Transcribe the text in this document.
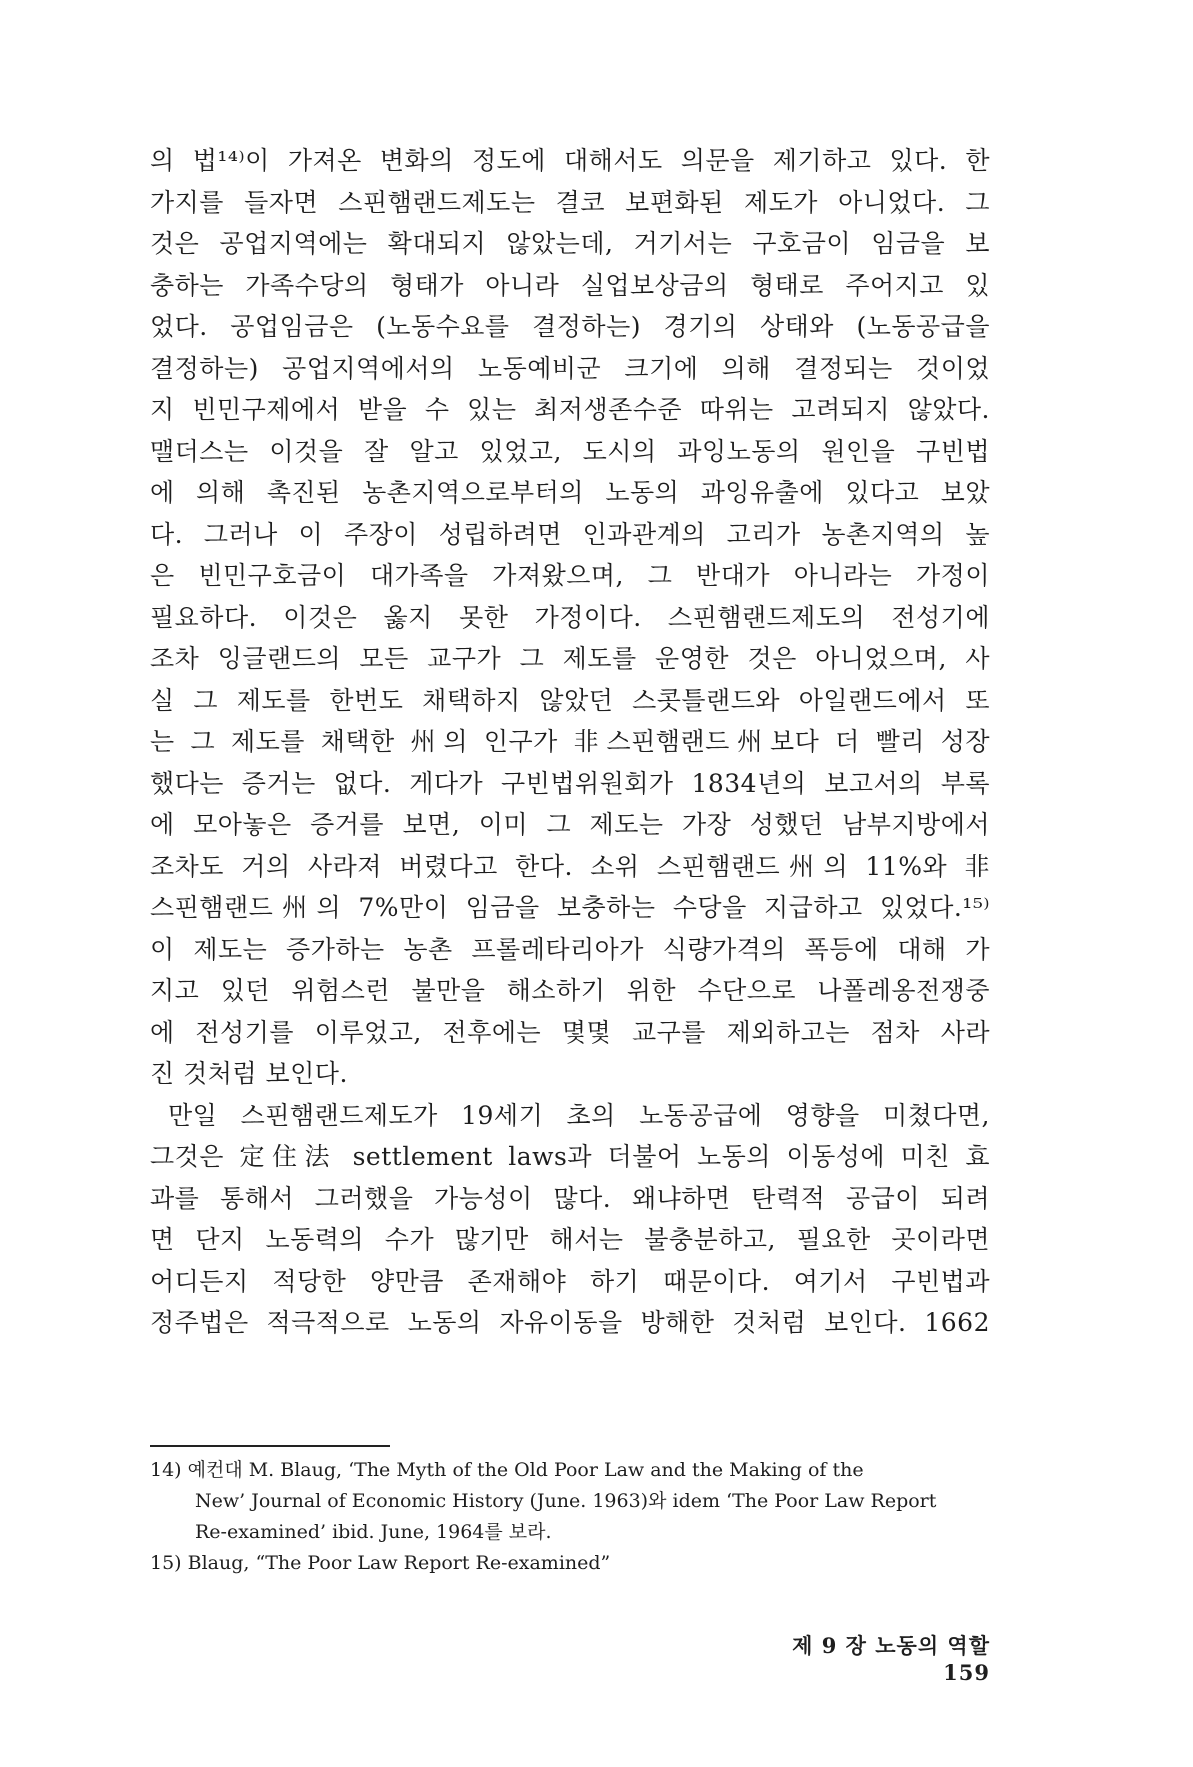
의 법¹⁴⁾이 가져온 변화의 정도에 대해서도 의문을 제기하고 있다. 한
가지를 들자면 스핀햄랜드제도는 결코 보편화된 제도가 아니었다. 그
것은 공업지역에는 확대되지 않았는데, 거기서는 구호금이 임금을 보
충하는 가족수당의 형태가 아니라 실업보상금의 형태로 주어지고 있
었다. 공업임금은 (노동수요를 결정하는) 경기의 상태와 (노동공급을
결정하는) 공업지역에서의 노동예비군 크기에 의해 결정되는 것이었
지 빈민구제에서 받을 수 있는 최저생존수준 따위는 고려되지 않았다.
맬더스는 이것을 잘 알고 있었고, 도시의 과잉노동의 원인을 구빈법
에 의해 촉진된 농촌지역으로부터의 노동의 과잉유출에 있다고 보았
다. 그러나 이 주장이 성립하려면 인과관계의 고리가 농촌지역의 높
은 빈민구호금이 대가족을 가져왔으며, 그 반대가 아니라는 가정이
필요하다. 이것은 옳지 못한 가정이다. 스핀햄랜드제도의 전성기에
조차 잉글랜드의 모든 교구가 그 제도를 운영한 것은 아니었으며, 사
실 그 제도를 한번도 채택하지 않았던 스콧틀랜드와 아일랜드에서 또
는 그 제도를 채택한 州의 인구가 非스핀햄랜드州보다 더 빨리 성장
했다는 증거는 없다. 게다가 구빈법위원회가 1834년의 보고서의 부록
에 모아놓은 증거를 보면, 이미 그 제도는 가장 성했던 남부지방에서
조차도 거의 사라져 버렸다고 한다. 소위 스핀햄랜드州의 11%와 非
스핀햄랜드州의 7%만이 임금을 보충하는 수당을 지급하고 있었다.¹⁵⁾
이 제도는 증가하는 농촌 프롤레타리아가 식량가격의 폭등에 대해 가
지고 있던 위험스런 불만을 해소하기 위한 수단으로 나폴레옹전쟁중
에 전성기를 이루었고, 전후에는 몇몇 교구를 제외하고는 점차 사라
진 것처럼 보인다.
만일 스핀햄랜드제도가 19세기 초의 노동공급에 영향을 미쳤다면,
그것은 定住法 settlement laws과 더불어 노동의 이동성에 미친 효
과를 통해서 그러했을 가능성이 많다. 왜냐하면 탄력적 공급이 되려
면 단지 노동력의 수가 많기만 해서는 불충분하고, 필요한 곳이라면
어디든지 적당한 양만큼 존재해야 하기 때문이다. 여기서 구빈법과
정주법은 적극적으로 노동의 자유이동을 방해한 것처럼 보인다. 1662
14) 예컨대 M. Blaug, ‘The Myth of the Old Poor Law and the Making of the
New’ Journal of Economic History (June. 1963)와 idem ‘The Poor Law Report
Re-examined’ ibid. June, 1964를 보라.
15) Blaug, “The Poor Law Report Re-examined”
제 9 장 노동의 역할 159
